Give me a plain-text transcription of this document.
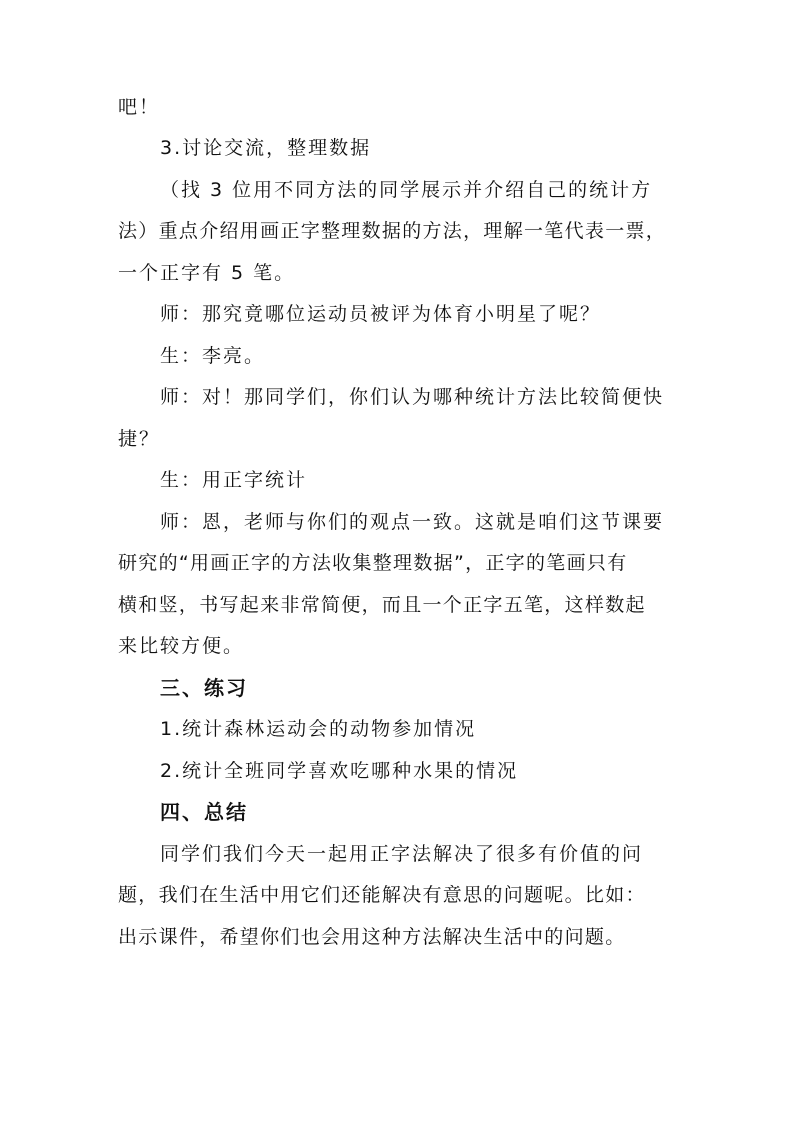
吧！
3.讨论交流，整理数据
（找 3 位用不同方法的同学展示并介绍自己的统计方
法）重点介绍用画正字整理数据的方法，理解一笔代表一票，
一个正字有 5 笔。
师：那究竟哪位运动员被评为体育小明星了呢？
生：李亮。
师：对！那同学们，你们认为哪种统计方法比较简便快
捷？
生：用正字统计
师：恩，老师与你们的观点一致。这就是咱们这节课要
研究的“用画正字的方法收集整理数据”，正字的笔画只有
横和竖，书写起来非常简便，而且一个正字五笔，这样数起
来比较方便。
三、练习
1.统计森林运动会的动物参加情况
2.统计全班同学喜欢吃哪种水果的情况
四、总结
同学们我们今天一起用正字法解决了很多有价值的问
题，我们在生活中用它们还能解决有意思的问题呢。比如：
出示课件，希望你们也会用这种方法解决生活中的问题。
